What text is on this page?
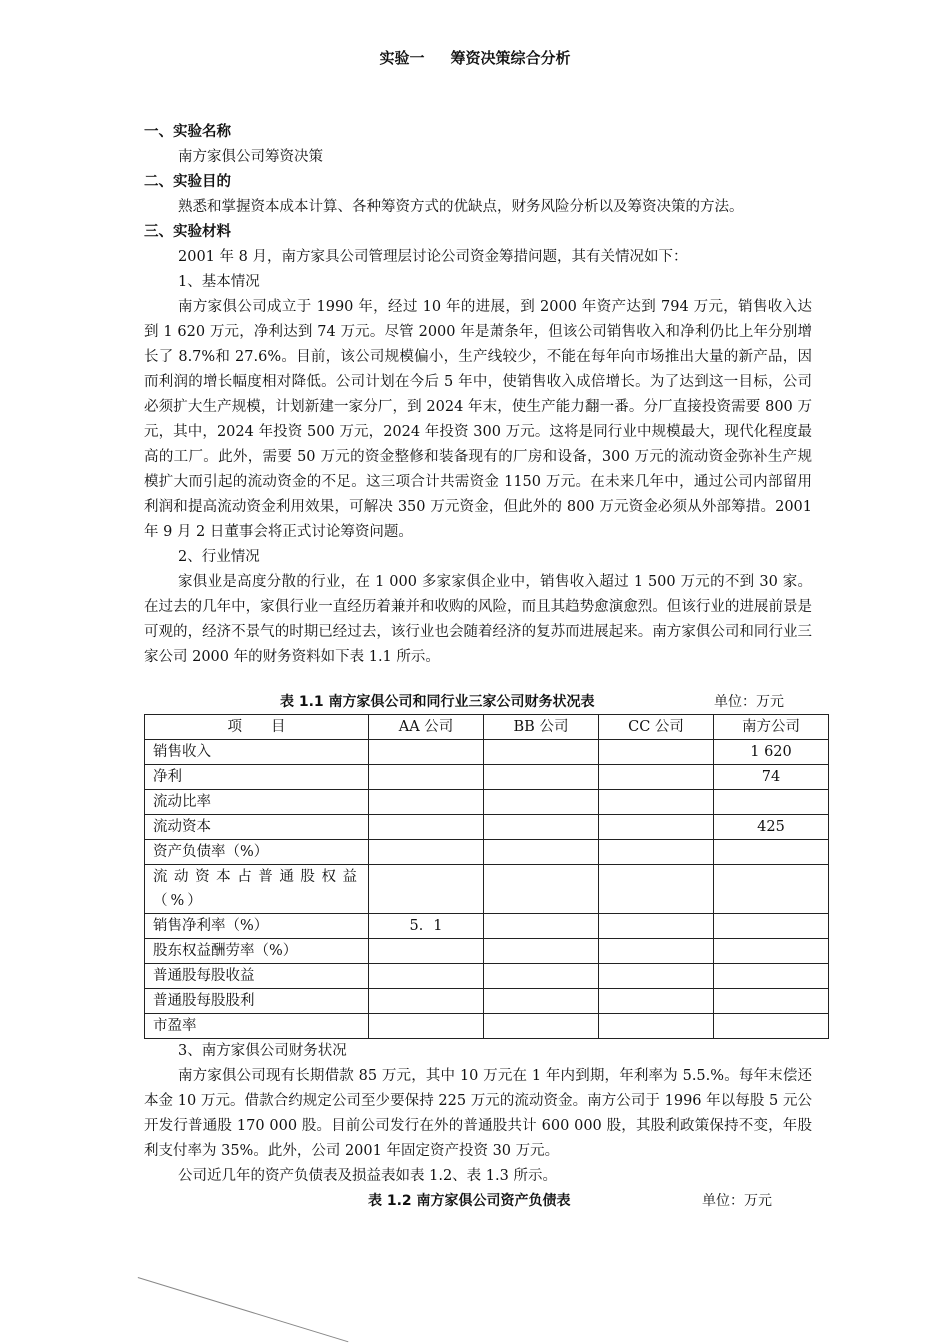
实验一 筹资决策综合分析
一、实验名称
南方家俱公司筹资决策
二、实验目的
熟悉和掌握资本成本计算、各种筹资方式的优缺点，财务风险分析以及筹资决策的方法。
三、实验材料
2001 年 8 月，南方家具公司管理层讨论公司资金筹措问题，其有关情况如下：
1、基本情况
南方家俱公司成立于 1990 年，经过 10 年的进展，到 2000 年资产达到 794 万元，销售收入达到 1 620 万元，净利达到 74 万元。尽管 2000 年是萧条年，但该公司销售收入和净利仍比上年分别增长了 8.7%和 27.6%。目前，该公司规模偏小，生产线较少，不能在每年向市场推出大量的新产品，因而利润的增长幅度相对降低。公司计划在今后 5 年中，使销售收入成倍增长。为了达到这一目标，公司必须扩大生产规模，计划新建一家分厂，到 2024 年末，使生产能力翻一番。分厂直接投资需要 800 万元，其中，2024 年投资 500 万元，2024 年投资 300 万元。这将是同行业中规模最大，现代化程度最高的工厂。此外，需要 50 万元的资金整修和装备现有的厂房和设备，300 万元的流动资金弥补生产规模扩大而引起的流动资金的不足。这三项合计共需资金 1150 万元。在未来几年中，通过公司内部留用利润和提高流动资金利用效果，可解决 350 万元资金，但此外的 800 万元资金必须从外部筹措。2001 年 9 月 2 日董事会将正式讨论筹资问题。
2、行业情况
家俱业是高度分散的行业，在 1 000 多家家俱企业中，销售收入超过 1 500 万元的不到 30 家。在过去的几年中，家俱行业一直经历着兼并和收购的风险，而且其趋势愈演愈烈。但该行业的进展前景是可观的，经济不景气的时期已经过去，该行业也会随着经济的复苏而进展起来。南方家俱公司和同行业三家公司 2000 年的财务资料如下表 1.1 所示。
表 1.1 南方家俱公司和同行业三家公司财务状况表	单位：万元
项　　目	AA 公司	BB 公司	CC 公司	南方公司
销售收入				1 620
净利				74
流动比率				
流动资本				425
资产负债率（%）				
流动资本占普通股权益（%）				
销售净利率（%）	5．1			
股东权益酬劳率（%）				
普通股每股收益				
普通股每股股利				
市盈率				
3、南方家俱公司财务状况
南方家俱公司现有长期借款 85 万元，其中 10 万元在 1 年内到期，年利率为 5.5.%。每年末偿还本金 10 万元。借款合约规定公司至少要保持 225 万元的流动资金。南方公司于 1996 年以每股 5 元公开发行普通股 170 000 股。目前公司发行在外的普通股共计 600 000 股，其股利政策保持不变，年股利支付率为 35%。此外，公司 2001 年固定资产投资 30 万元。
公司近几年的资产负债表及损益表如表 1.2、表 1.3 所示。
表 1.2 南方家俱公司资产负债表	单位：万元
